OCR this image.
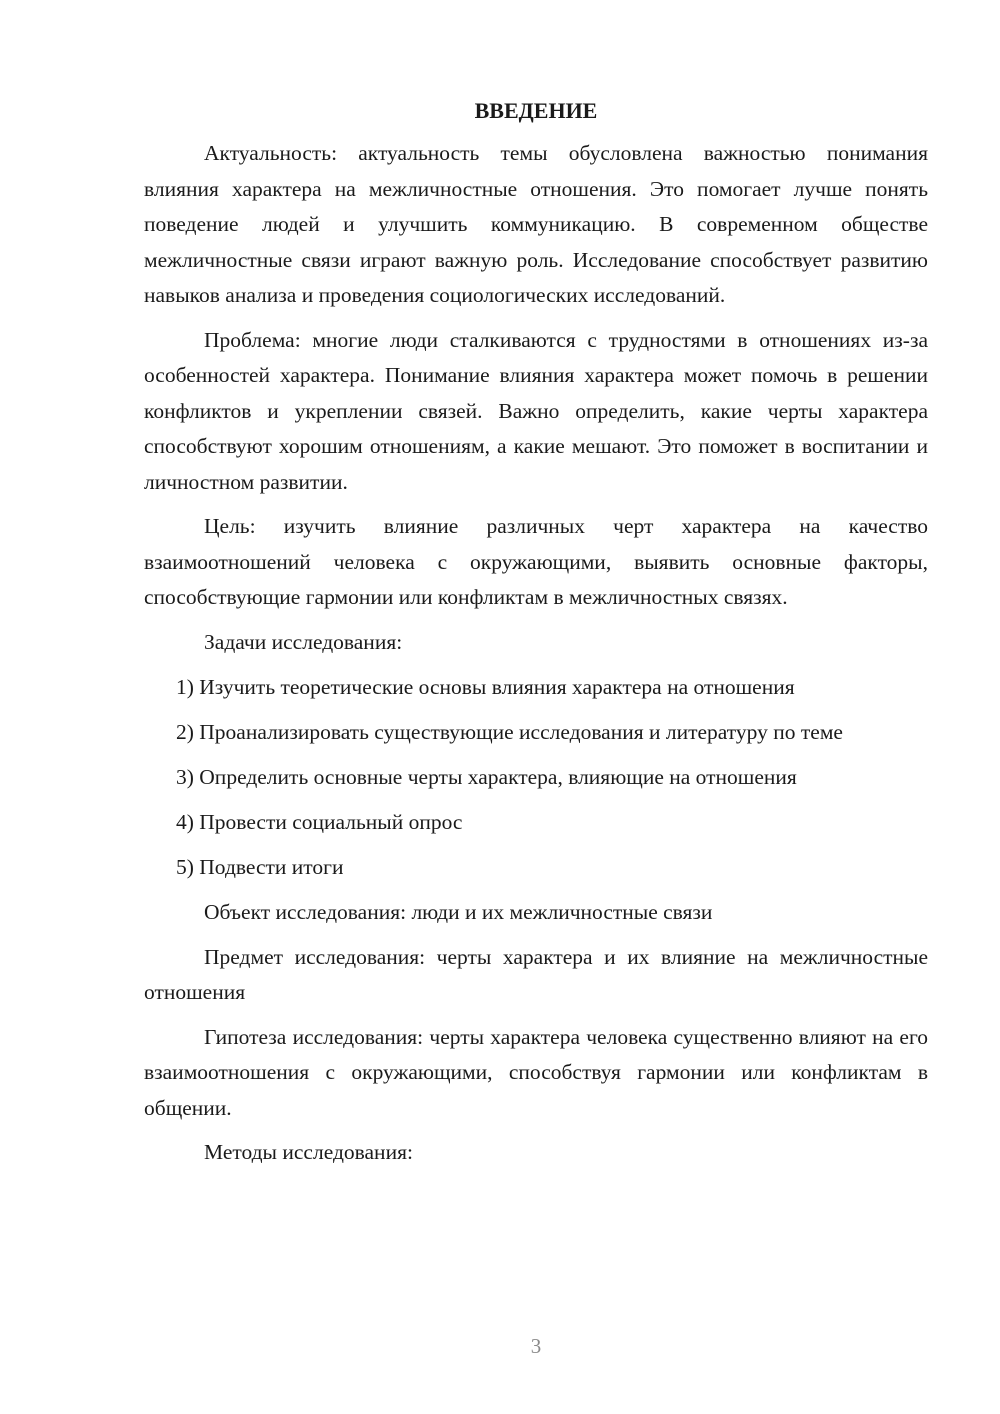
ВВЕДЕНИЕ
Актуальность: актуальность темы обусловлена важностью понимания влияния характера на межличностные отношения. Это помогает лучше понять поведение людей и улучшить коммуникацию. В современном обществе межличностные связи играют важную роль. Исследование способствует развитию навыков анализа и проведения социологических исследований.
Проблема: многие люди сталкиваются с трудностями в отношениях из-за особенностей характера. Понимание влияния характера может помочь в решении конфликтов и укреплении связей. Важно определить, какие черты характера способствуют хорошим отношениям, а какие мешают. Это поможет в воспитании и личностном развитии.
Цель: изучить влияние различных черт характера на качество взаимоотношений человека с окружающими, выявить основные факторы, способствующие гармонии или конфликтам в межличностных связях.
Задачи исследования:
1) Изучить теоретические основы влияния характера на отношения
2) Проанализировать существующие исследования и литературу по теме
3) Определить основные черты характера, влияющие на отношения
4) Провести социальный опрос
5) Подвести итоги
Объект исследования: люди и их межличностные связи
Предмет исследования: черты характера и их влияние на межличностные отношения
Гипотеза исследования: черты характера человека существенно влияют на его взаимоотношения с окружающими, способствуя гармонии или конфликтам в общении.
Методы исследования:
3
